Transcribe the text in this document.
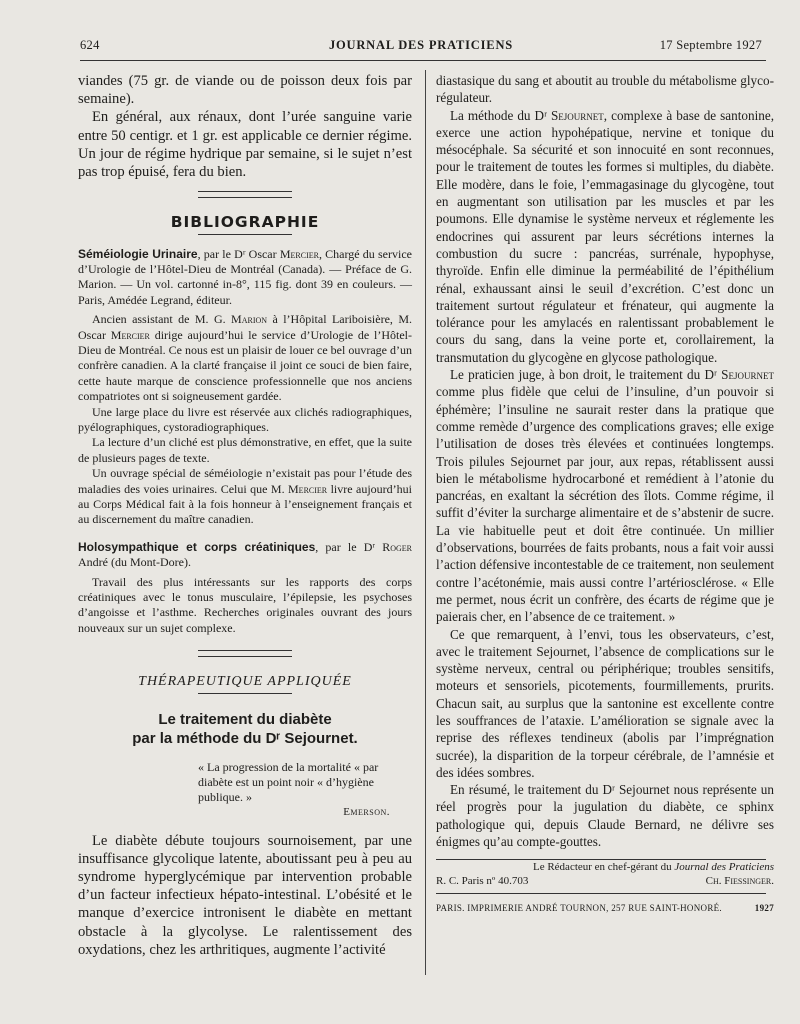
624	JOURNAL DES PRATICIENS	17 Septembre 1927

viandes (75 gr. de viande ou de poisson deux fois par semaine).

En général, aux rénaux, dont l’urée sanguine varie entre 50 centigr. et 1 gr. est applicable ce dernier régime. Un jour de régime hydrique par semaine, si le sujet n’est pas trop épuisé, fera du bien.

BIBLIOGRAPHIE

Séméiologie Urinaire, par le Dʳ Oscar Mercier, Chargé du service d’Urologie de l’Hôtel-Dieu de Montréal (Canada). — Préface de G. Marion. — Un vol. cartonné in-8°, 115 fig. dont 39 en couleurs. — Paris, Amédée Legrand, éditeur.

Ancien assistant de M. G. Marion à l’Hôpital Lariboisière, M. Oscar Mercier dirige aujourd’hui le service d’Urologie de l’Hôtel-Dieu de Montréal. Ce nous est un plaisir de louer ce bel ouvrage d’un confrère canadien. A la clarté française il joint ce souci de bien faire, cette haute marque de conscience professionnelle que nos anciens compatriotes ont si soigneusement gardée.

Une large place du livre est réservée aux clichés radiographiques, pyélographiques, cystoradiographiques.

La lecture d’un cliché est plus démonstrative, en effet, que la suite de plusieurs pages de texte.

Un ouvrage spécial de séméiologie n’existait pas pour l’étude des maladies des voies urinaires. Celui que M. Mercier livre aujourd’hui au Corps Médical fait à la fois honneur à l’enseignement français et au discernement du maître canadien.

Holosympathique et corps créatiniques, par le Dʳ Roger André (du Mont-Dore).

Travail des plus intéressants sur les rapports des corps créatiniques avec le tonus musculaire, l’épilepsie, les psychoses d’angoisse et l’asthme. Recherches originales ouvrant des jours nouveaux sur un sujet complexe.

THÉRAPEUTIQUE APPLIQUÉE
Le traitement du diabète
par la méthode du Dʳ Sejournet.
« La progression de la mortalité « par diabète est un point noir « d’hygiène publique. »
Emerson.

Le diabète débute toujours sournoisement, par une insuffisance glycolique latente, aboutissant peu à peu au syndrome hyperglycémique par intervention probable d’un facteur infectieux hépato-intestinal. L’obésité et le manque d’exercice intronisent le diabète en mettant obstacle à la glycolyse. Le ralentissement des oxydations, chez les arthritiques, augmente l’activité

diastasique du sang et aboutit au trouble du métabolisme glyco-régulateur.

La méthode du Dʳ Sejournet, complexe à base de santonine, exerce une action hypohépatique, nervine et tonique du mésocéphale. Sa sécurité et son innocuité en sont reconnues, pour le traitement de toutes les formes si multiples, du diabète. Elle modère, dans le foie, l’emmagasinage du glycogène, tout en augmentant son utilisation par les muscles et par les poumons. Elle dynamise le système nerveux et réglemente les endocrines qui assurent par leurs sécrétions internes la combustion du sucre : pancréas, surrénale, hypophyse, thyroïde. Enfin elle diminue la perméabilité de l’épithélium rénal, exhaussant ainsi le seuil d’excrétion. C’est donc un traitement surtout régulateur et frénateur, qui augmente la tolérance pour les amylacés en ralentissant probablement le cours du sang, dans la veine porte et, corollairement, la transmutation du glycogène en glycose pathologique.

Le praticien juge, à bon droit, le traitement du Dʳ Sejournet comme plus fidèle que celui de l’insuline, d’un pouvoir si éphémère; l’insuline ne saurait rester dans la pratique que comme remède d’urgence des complications graves; elle exige l’utilisation de doses très élevées et continuées longtemps. Trois pilules Sejournet par jour, aux repas, rétablissent aussi bien le métabolisme hydrocarboné et remédient à l’atonie du pancréas, en exaltant la sécrétion des îlots. Comme régime, il suffit d’éviter la surcharge alimentaire et de s’abstenir de sucre. La vie habituelle peut et doit être continuée. Un millier d’observations, bourrées de faits probants, nous a fait voir aussi l’action défensive incontestable de ce traitement, non seulement contre l’acétonémie, mais aussi contre l’artériosclérose. « Elle me permet, nous écrit un confrère, des écarts de régime que je paierais cher, en l’absence de ce traitement. »

Ce que remarquent, à l’envi, tous les observateurs, c’est, avec le traitement Sejournet, l’absence de complications sur le système nerveux, central ou périphérique; troubles sensitifs, moteurs et sensoriels, picotements, fourmillements, prurits. Chacun sait, au surplus que la santonine est excellente contre les souffrances de l’ataxie. L’amélioration se signale avec la reprise des réflexes tendineux (abolis par l’imprégnation sucrée), la disparition de la torpeur cérébrale, de l’amnésie et des idées sombres.

En résumé, le traitement du Dʳ Sejournet nous représente un réel progrès pour la jugulation du diabète, ce sphinx pathologique qui, depuis Claude Bernard, ne délivre ses énigmes qu’au compte-gouttes.

Le Rédacteur en chef-gérant du Journal des Praticiens
R. C. Paris nº 40.703	Ch. Fiessinger.
PARIS. IMPRIMERIE ANDRÉ TOURNON, 257 RUE SAINT-HONORÉ.	1927
